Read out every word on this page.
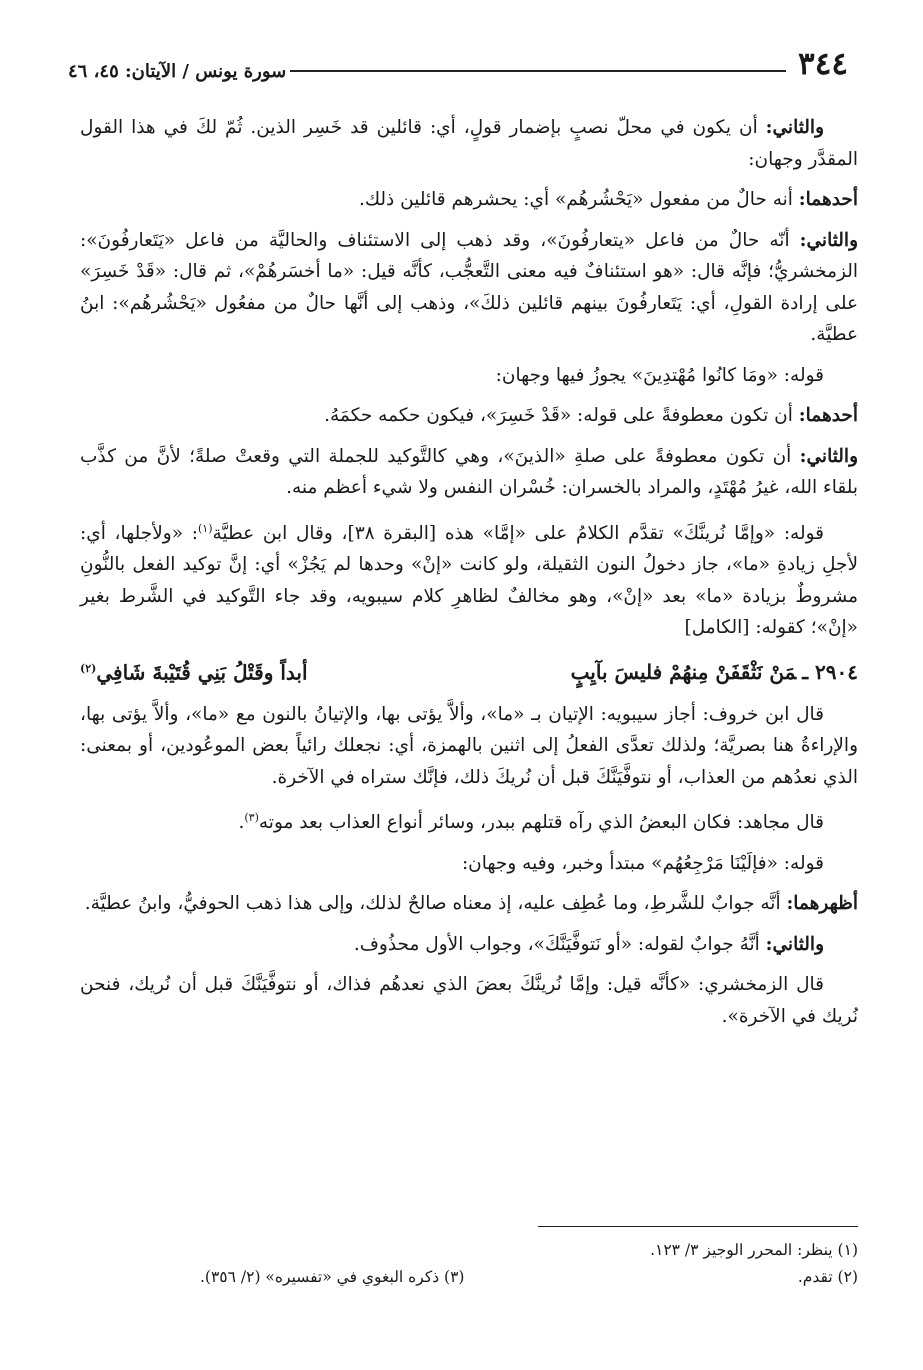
٣٤٤
سورة يونس / الآيتان: ٤٥، ٤٦

والثاني: أن يكون في محلّ نصبٍ بإضمار قولٍ، أي: قائلين قد خَسِر الذين. ثُمّ لكَ في هذا القول المقدَّر وجهان:

أحدهما: أنه حالٌ من مفعول «يَحْشُرهُم» أي: يحشرهم قائلين ذلك.

والثاني: أنّه حالٌ من فاعل «يتعارفُونَ»، وقد ذهب إلى الاستئناف والحاليَّة من فاعل «يَتَعارفُونَ»: الزمخشريُّ؛ فإنَّه قال: «هو استئنافٌ فيه معنى التَّعجُّب، كأنَّه قيل: «ما أخسَرهُمْ»، ثم قال: «قَدْ خَسِرَ» على إرادة القولِ، أي: يَتَعارفُونَ بينهم قائلين ذلكَ»، وذهب إلى أنَّها حالٌ من مفعُول «يَحْشُرهُم»: ابنُ عطيَّة.

قوله: «ومَا كانُوا مُهْتدِينَ» يجوزُ فيها وجهان:

أحدهما: أن تكون معطوفةً على قوله: «قَدْ خَسِرَ»، فيكون حكمه حكمَهُ.

والثاني: أن تكون معطوفةً على صلةِ «الذينَ»، وهي كالتَّوكيد للجملة التي وقعتْ صلةً؛ لأنَّ من كذَّب بلقاء الله، غيرُ مُهْتَدٍ، والمراد بالخسران: خُسْران النفس ولا شيء أعظم منه.

قوله: «وإمَّا نُرينَّكَ» تقدَّم الكلامُ على «إمَّا» هذه [البقرة ٣٨]، وقال ابن عطيَّة$^{(١)}$: «ولأجلها، أي: لأجلِ زيادةِ «ما»، جاز دخولُ النون الثقيلة، ولو كانت «إنْ» وحدها لم يَجُزْ» أي: إنَّ توكيد الفعل بالنُّونِ مشروطٌ بزيادة «ما» بعد «إنْ»، وهو مخالفٌ لظاهرِ كلام سيبويه، وقد جاء التَّوكيد في الشَّرط بغير «إنْ»؛ كقوله: [الكامل]

٢٩٠٤ ـمَنْ نَثْقَفَنْ مِنهُمْ فليسَ بآيِبٍ
أبداً وقَتْلُ بَنِي قُتَيْبةَ شَافِي$^{(٢)}$

قال ابن خروف: أجاز سيبويه: الإتيان بـ «ما»، وألاَّ يؤتى بها، والإتيانُ بالنون مع «ما»، وألاَّ يؤتى بها، والإراءةُ هنا بصريَّة؛ ولذلك تعدَّى الفعلُ إلى اثنين بالهمزة، أي: نجعلك رائياً بعض الموعُودين، أو بمعنى: الذي نعدُهم من العذاب، أو نتوفَّيَنَّكَ قبل أن نُريكَ ذلك، فإنَّك ستراه في الآخرة.

قال مجاهد: فكان البعضُ الذي رآه قتلهم ببدر، وسائر أنواع العذاب بعد موته$^{(٣)}$.

قوله: «فإلَيْنَا مَرْجِعُهُم» مبتدأ وخبر، وفيه وجهان:

أظهرهما: أنَّه جوابٌ للشَّرطِ، وما عُطِف عليه، إذ معناه صالحٌ لذلك، وإلى هذا ذهب الحوفيُّ، وابنُ عطيَّة.

والثاني: أنَّهُ جوابٌ لقوله: «أو نَتوفَّيَنَّكَ»، وجواب الأول محذُوف.

قال الزمخشري: «كأنَّه قيل: وإمَّا نُرينَّكَ بعضَ الذي نعدهُم فذاك، أو نتوفَّيَنَّكَ قبل أن نُريك، فنحن نُريك في الآخرة».

(١) ينظر: المحرر الوجيز ٣/ ١٢٣.
(٢) تقدم.
(٣) ذكره البغوي في «تفسيره» (٢/ ٣٥٦).
